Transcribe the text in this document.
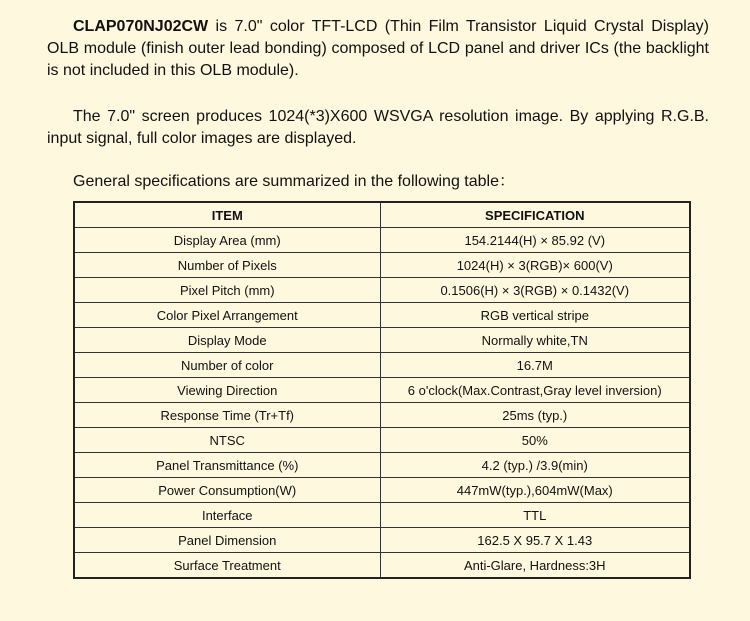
CLAP070NJ02CW is 7.0" color TFT-LCD (Thin Film Transistor Liquid Crystal Display) OLB module (finish outer lead bonding) composed of LCD panel and driver ICs (the backlight is not included in this OLB module).

The 7.0" screen produces 1024(*3)X600 WSVGA resolution image. By applying R.G.B. input signal, full color images are displayed.

General specifications are summarized in the following table：

ITEM	SPECIFICATION
Display Area (mm)	154.2144(H) × 85.92 (V)
Number of Pixels	1024(H) × 3(RGB)× 600(V)
Pixel Pitch (mm)	0.1506(H) × 3(RGB) × 0.1432(V)
Color Pixel Arrangement	RGB vertical stripe
Display Mode	Normally white,TN
Number of color	16.7M
Viewing Direction	6 o'clock(Max.Contrast,Gray level inversion)
Response Time (Tr+Tf)	25ms (typ.)
NTSC	50%
Panel Transmittance (%)	4.2 (typ.) /3.9(min)
Power Consumption(W)	447mW(typ.),604mW(Max)
Interface	TTL
Panel Dimension	162.5 X 95.7 X 1.43
Surface Treatment	Anti-Glare, Hardness:3H
